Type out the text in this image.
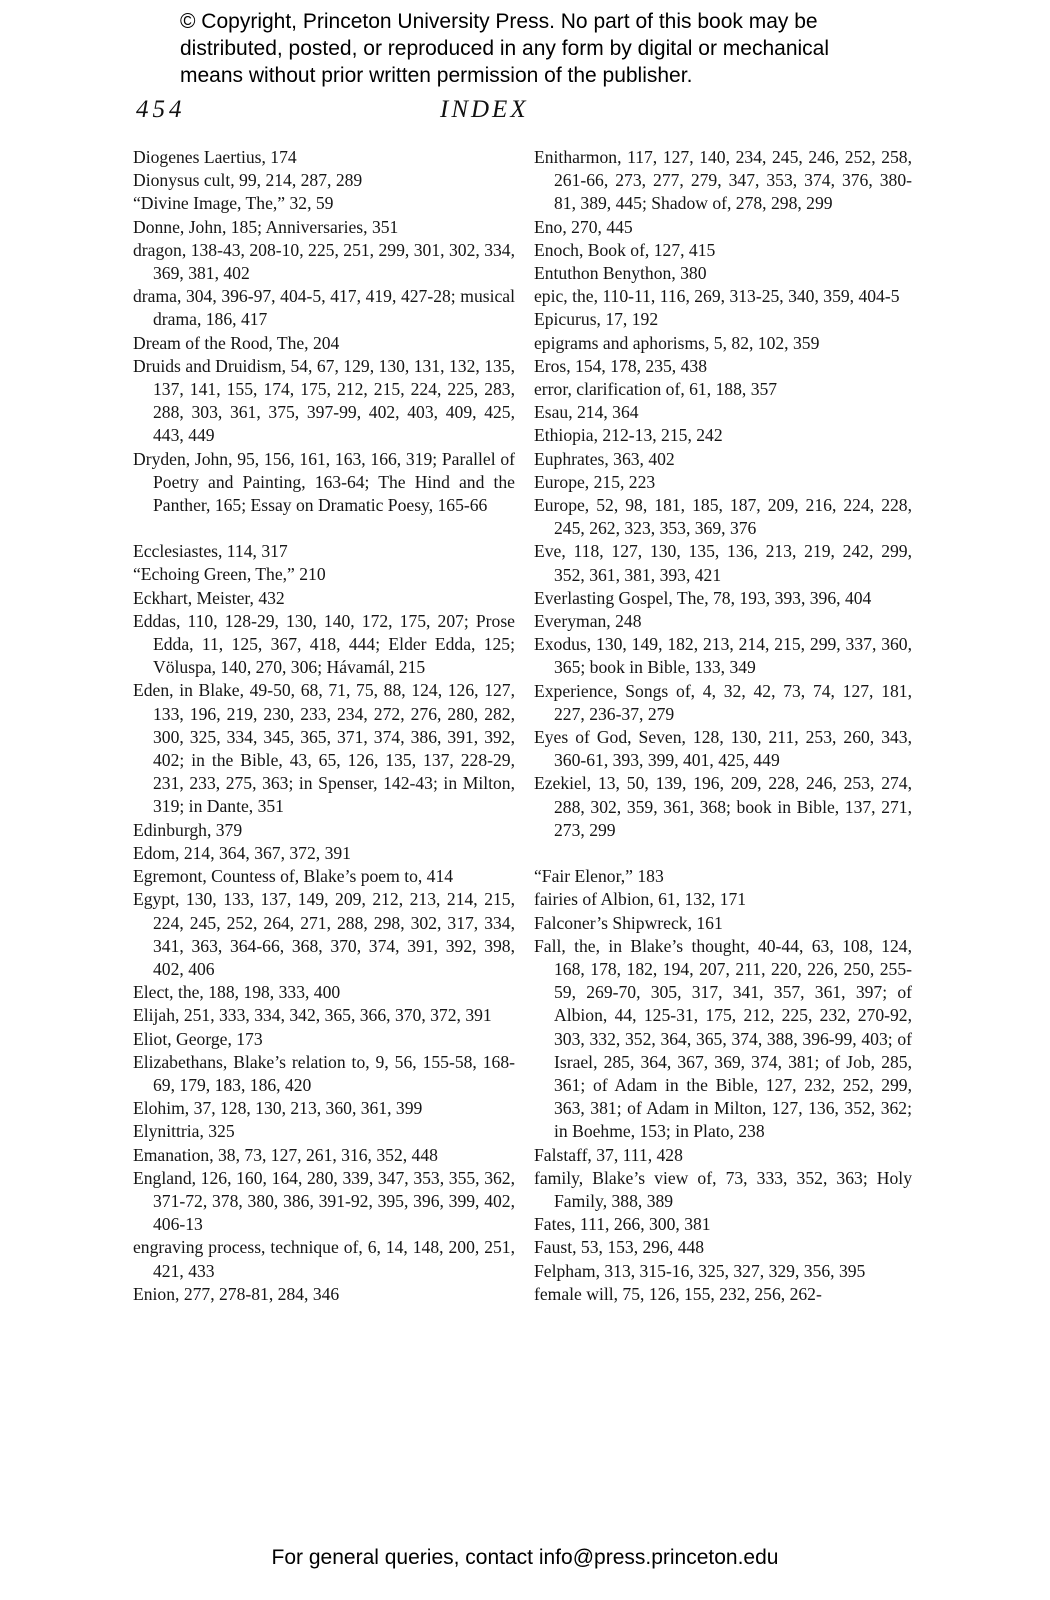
© Copyright, Princeton University Press. No part of this book may be
distributed, posted, or reproduced in any form by digital or mechanical
means without prior written permission of the publisher.
454	INDEX
Diogenes Laertius, 174
Dionysus cult, 99, 214, 287, 289
“Divine Image, The,” 32, 59
Donne, John, 185; Anniversaries, 351
dragon, 138-43, 208-10, 225, 251, 299, 301, 302, 334, 369, 381, 402
drama, 304, 396-97, 404-5, 417, 419, 427-28; musical drama, 186, 417
Dream of the Rood, The, 204
Druids and Druidism, 54, 67, 129, 130, 131, 132, 135, 137, 141, 155, 174, 175, 212, 215, 224, 225, 283, 288, 303, 361, 375, 397-99, 402, 403, 409, 425, 443, 449
Dryden, John, 95, 156, 161, 163, 166, 319; Parallel of Poetry and Painting, 163-64; The Hind and the Panther, 165; Essay on Dramatic Poesy, 165-66
Ecclesiastes, 114, 317
“Echoing Green, The,” 210
Eckhart, Meister, 432
Eddas, 110, 128-29, 130, 140, 172, 175, 207; Prose Edda, 11, 125, 367, 418, 444; Elder Edda, 125; Völuspa, 140, 270, 306; Hávamál, 215
Eden, in Blake, 49-50, 68, 71, 75, 88, 124, 126, 127, 133, 196, 219, 230, 233, 234, 272, 276, 280, 282, 300, 325, 334, 345, 365, 371, 374, 386, 391, 392, 402; in the Bible, 43, 65, 126, 135, 137, 228-29, 231, 233, 275, 363; in Spenser, 142-43; in Milton, 319; in Dante, 351
Edinburgh, 379
Edom, 214, 364, 367, 372, 391
Egremont, Countess of, Blake’s poem to, 414
Egypt, 130, 133, 137, 149, 209, 212, 213, 214, 215, 224, 245, 252, 264, 271, 288, 298, 302, 317, 334, 341, 363, 364-66, 368, 370, 374, 391, 392, 398, 402, 406
Elect, the, 188, 198, 333, 400
Elijah, 251, 333, 334, 342, 365, 366, 370, 372, 391
Eliot, George, 173
Elizabethans, Blake’s relation to, 9, 56, 155-58, 168-69, 179, 183, 186, 420
Elohim, 37, 128, 130, 213, 360, 361, 399
Elynittria, 325
Emanation, 38, 73, 127, 261, 316, 352, 448
England, 126, 160, 164, 280, 339, 347, 353, 355, 362, 371-72, 378, 380, 386, 391-92, 395, 396, 399, 402, 406-13
engraving process, technique of, 6, 14, 148, 200, 251, 421, 433
Enion, 277, 278-81, 284, 346
Enitharmon, 117, 127, 140, 234, 245, 246, 252, 258, 261-66, 273, 277, 279, 347, 353, 374, 376, 380-81, 389, 445; Shadow of, 278, 298, 299
Eno, 270, 445
Enoch, Book of, 127, 415
Entuthon Benython, 380
epic, the, 110-11, 116, 269, 313-25, 340, 359, 404-5
Epicurus, 17, 192
epigrams and aphorisms, 5, 82, 102, 359
Eros, 154, 178, 235, 438
error, clarification of, 61, 188, 357
Esau, 214, 364
Ethiopia, 212-13, 215, 242
Euphrates, 363, 402
Europe, 215, 223
Europe, 52, 98, 181, 185, 187, 209, 216, 224, 228, 245, 262, 323, 353, 369, 376
Eve, 118, 127, 130, 135, 136, 213, 219, 242, 299, 352, 361, 381, 393, 421
Everlasting Gospel, The, 78, 193, 393, 396, 404
Everyman, 248
Exodus, 130, 149, 182, 213, 214, 215, 299, 337, 360, 365; book in Bible, 133, 349
Experience, Songs of, 4, 32, 42, 73, 74, 127, 181, 227, 236-37, 279
Eyes of God, Seven, 128, 130, 211, 253, 260, 343, 360-61, 393, 399, 401, 425, 449
Ezekiel, 13, 50, 139, 196, 209, 228, 246, 253, 274, 288, 302, 359, 361, 368; book in Bible, 137, 271, 273, 299
“Fair Elenor,” 183
fairies of Albion, 61, 132, 171
Falconer’s Shipwreck, 161
Fall, the, in Blake’s thought, 40-44, 63, 108, 124, 168, 178, 182, 194, 207, 211, 220, 226, 250, 255-59, 269-70, 305, 317, 341, 357, 361, 397; of Albion, 44, 125-31, 175, 212, 225, 232, 270-92, 303, 332, 352, 364, 365, 374, 388, 396-99, 403; of Israel, 285, 364, 367, 369, 374, 381; of Job, 285, 361; of Adam in the Bible, 127, 232, 252, 299, 363, 381; of Adam in Milton, 127, 136, 352, 362; in Boehme, 153; in Plato, 238
Falstaff, 37, 111, 428
family, Blake’s view of, 73, 333, 352, 363; Holy Family, 388, 389
Fates, 111, 266, 300, 381
Faust, 53, 153, 296, 448
Felpham, 313, 315-16, 325, 327, 329, 356, 395
female will, 75, 126, 155, 232, 256, 262-
For general queries, contact info@press.princeton.edu
